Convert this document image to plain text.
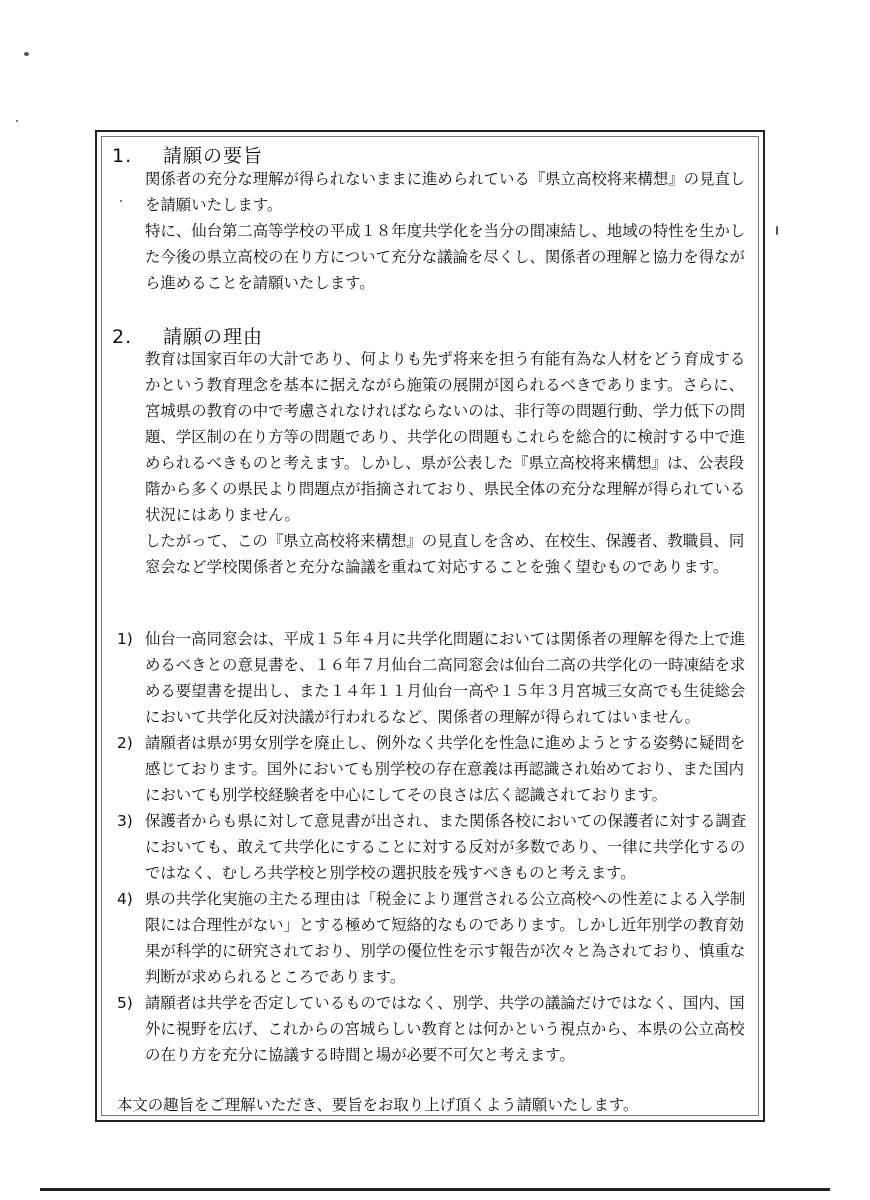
1. 請願の要旨
関係者の充分な理解が得られないままに進められている『県立高校将来構想』の見直し
を請願いたします。
特に、仙台第二高等学校の平成１８年度共学化を当分の間凍結し、地域の特性を生かし
た今後の県立高校の在り方について充分な議論を尽くし、関係者の理解と協力を得なが
ら進めることを請願いたします。
2. 請願の理由
教育は国家百年の大計であり、何よりも先ず将来を担う有能有為な人材をどう育成する
かという教育理念を基本に据えながら施策の展開が図られるべきであります。さらに、
宮城県の教育の中で考慮されなければならないのは、非行等の問題行動、学力低下の問
題、学区制の在り方等の問題であり、共学化の問題もこれらを総合的に検討する中で進
められるべきものと考えます。しかし、県が公表した『県立高校将来構想』は、公表段
階から多くの県民より問題点が指摘されており、県民全体の充分な理解が得られている
状況にはありません。
したがって、この『県立高校将来構想』の見直しを含め、在校生、保護者、教職員、同
窓会など学校関係者と充分な論議を重ねて対応することを強く望むものであります。
1) 仙台一高同窓会は、平成１５年４月に共学化問題においては関係者の理解を得た上で進
めるべきとの意見書を、１６年７月仙台二高同窓会は仙台二高の共学化の一時凍結を求
める要望書を提出し、また１４年１１月仙台一高や１５年３月宮城三女高でも生徒総会
において共学化反対決議が行われるなど、関係者の理解が得られてはいません。
2) 請願者は県が男女別学を廃止し、例外なく共学化を性急に進めようとする姿勢に疑問を
感じております。国外においても別学校の存在意義は再認識され始めており、また国内
においても別学校経験者を中心にしてその良さは広く認識されております。
3) 保護者からも県に対して意見書が出され、また関係各校においての保護者に対する調査
においても、敢えて共学化にすることに対する反対が多数であり、一律に共学化するの
ではなく、むしろ共学校と別学校の選択肢を残すべきものと考えます。
4) 県の共学化実施の主たる理由は「税金により運営される公立高校への性差による入学制
限には合理性がない」とする極めて短絡的なものであります。しかし近年別学の教育効
果が科学的に研究されており、別学の優位性を示す報告が次々と為されており、慎重な
判断が求められるところであります。
5) 請願者は共学を否定しているものではなく、別学、共学の議論だけではなく、国内、国
外に視野を広げ、これからの宮城らしい教育とは何かという視点から、本県の公立高校
の在り方を充分に協議する時間と場が必要不可欠と考えます。
本文の趣旨をご理解いただき、要旨をお取り上げ頂くよう請願いたします。
